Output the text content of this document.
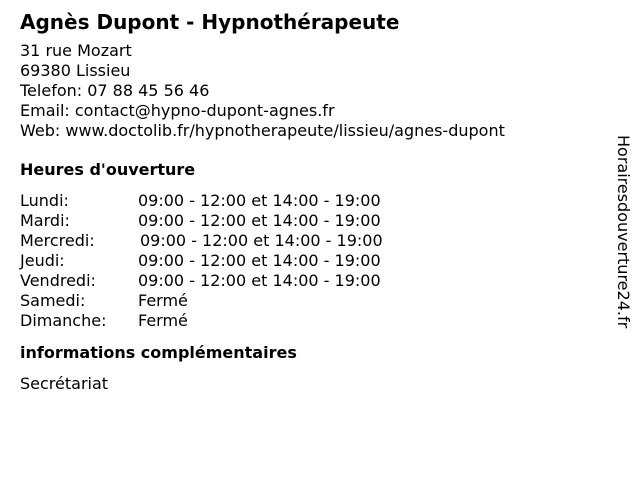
Agnès Dupont - Hypnothérapeute
31 rue Mozart
69380 Lissieu
Telefon: 07 88 45 56 46
Email: contact@hypno-dupont-agnes.fr
Web: www.doctolib.fr/hypnotherapeute/lissieu/agnes-dupont
Heures d'ouverture
Lundi:	09:00 - 12:00 et 14:00 - 19:00
Mardi:	09:00 - 12:00 et 14:00 - 19:00
Mercredi:	09:00 - 12:00 et 14:00 - 19:00
Jeudi:	09:00 - 12:00 et 14:00 - 19:00
Vendredi:	09:00 - 12:00 et 14:00 - 19:00
Samedi:	Fermé
Dimanche:	Fermé
informations complémentaires
Secrétariat
Horairesdouverture24.fr
